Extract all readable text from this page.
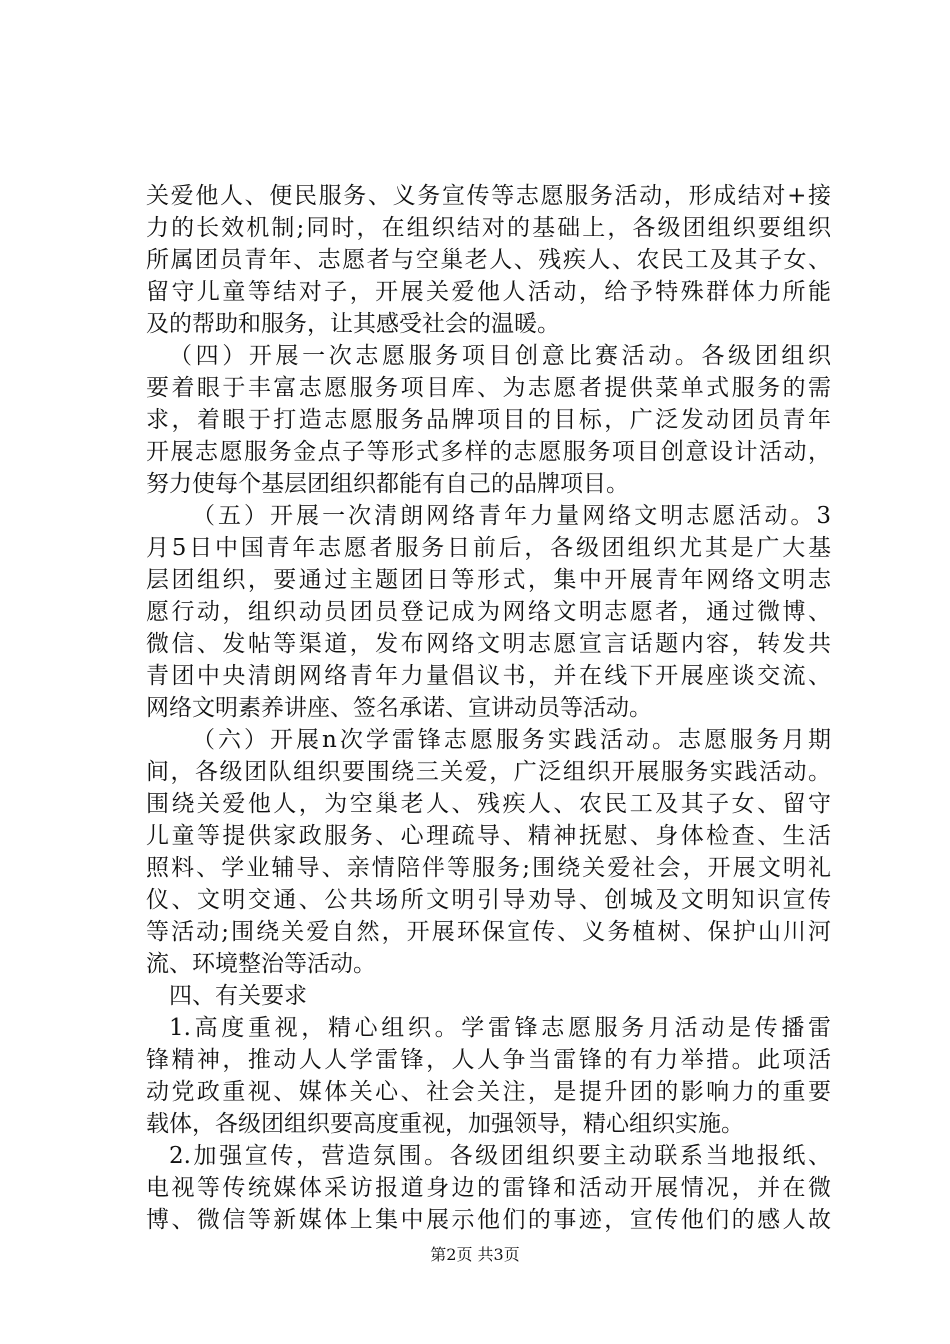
关爱他人、便民服务、义务宣传等志愿服务活动，形成结对+接
力的长效机制;同时，在组织结对的基础上，各级团组织要组织
所属团员青年、志愿者与空巢老人、残疾人、农民工及其子女、
留守儿童等结对子，开展关爱他人活动，给予特殊群体力所能
及的帮助和服务，让其感受社会的温暖。
（四）开展一次志愿服务项目创意比赛活动。各级团组织
要着眼于丰富志愿服务项目库、为志愿者提供菜单式服务的需
求，着眼于打造志愿服务品牌项目的目标，广泛发动团员青年
开展志愿服务金点子等形式多样的志愿服务项目创意设计活动，
努力使每个基层团组织都能有自己的品牌项目。
（五）开展一次清朗网络青年力量网络文明志愿活动。3
月5日中国青年志愿者服务日前后，各级团组织尤其是广大基
层团组织，要通过主题团日等形式，集中开展青年网络文明志
愿行动，组织动员团员登记成为网络文明志愿者，通过微博、
微信、发帖等渠道，发布网络文明志愿宣言话题内容，转发共
青团中央清朗网络青年力量倡议书，并在线下开展座谈交流、
网络文明素养讲座、签名承诺、宣讲动员等活动。
（六）开展n次学雷锋志愿服务实践活动。志愿服务月期
间，各级团队组织要围绕三关爱，广泛组织开展服务实践活动。
围绕关爱他人，为空巢老人、残疾人、农民工及其子女、留守
儿童等提供家政服务、心理疏导、精神抚慰、身体检查、生活
照料、学业辅导、亲情陪伴等服务;围绕关爱社会，开展文明礼
仪、文明交通、公共场所文明引导劝导、创城及文明知识宣传
等活动;围绕关爱自然，开展环保宣传、义务植树、保护山川河
流、环境整治等活动。
四、有关要求
1.高度重视，精心组织。学雷锋志愿服务月活动是传播雷
锋精神，推动人人学雷锋，人人争当雷锋的有力举措。此项活
动党政重视、媒体关心、社会关注，是提升团的影响力的重要
载体，各级团组织要高度重视，加强领导，精心组织实施。
2.加强宣传，营造氛围。各级团组织要主动联系当地报纸、
电视等传统媒体采访报道身边的雷锋和活动开展情况，并在微
博、微信等新媒体上集中展示他们的事迹，宣传他们的感人故
第2页 共3页
